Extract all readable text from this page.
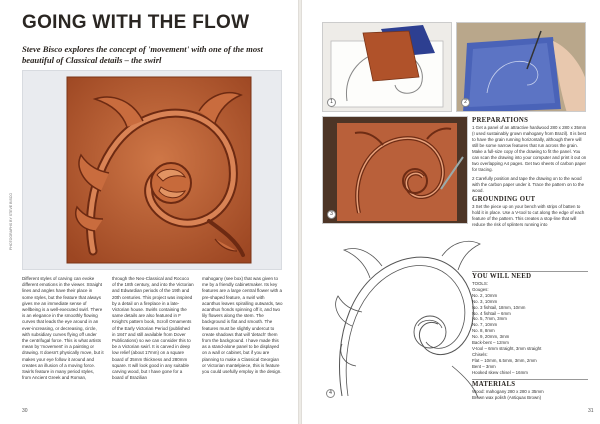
GOING WITH THE FLOW
Steve Bisco explores the concept of 'movement' with one of the most beautiful of Classical details – the swirl
PHOTOGRAPHS BY STEVE BISCO
Different styles of carving can evoke different emotions in the viewer. Straight lines and angles have their place in some styles, but the feature that always gives me an immediate sense of wellbeing is a well-executed swirl. There is an elegance in the smoothly flowing curves that leads the eye around in an ever-increasing, or decreasing, circle, with subsidiary curves flying off under the centrifugal force. This is what artists mean by 'movement' in a painting or drawing. It doesn't physically move, but it makes your eye follow it around and creates an illusion of a moving force. Swirls feature in many period styles, from Ancient Greek and Roman,
through the Neo-Classical and Rococo of the 18th century, and into the Victorian and Edwardian periods of the 19th and 20th centuries. This project was inspired by a detail on a fireplace in a late-Victorian house. Swirls containing the same details are also featured in F Knight's pattern book, Scroll Ornaments of the Early Victorian Period (published in 1847 and still available from Dover Publications) so we can consider this to be a Victorian swirl. It is carved in deep low relief (about 17mm) on a square board of 35mm thickness and 280mm square. It will look good in any suitable carving wood, but I have gone for a board of Brazilian
mahogany (see box) that was given to me by a friendly cabinetmaker. Its key features are a large central flower with a pre-shaped feature, a swirl with acanthus leaves spiralling outwards, two acanthus fronds spinning off it, and two lily flowers along the stem. The background is flat and smooth. The features must be slightly undercut to create shadows that will 'detach' them from the background. I have made this as a stand-alone panel to be displayed on a wall or cabinet, but if you are planning to make a Classical Georgian or Victorian mantelpiece, this is feature you could usefully employ in the design.
30
1	2
3
4
PREPARATIONS

1 Get a panel of an attractive hardwood 280 x 280 x 35mm (I used sustainably grown mahogany from Brazil). It is best to have the grain running horizontally, although there will still be some narrow features that run across the grain. Make a full-size copy of the drawing to fit the panel. You can scan the drawing into your computer and print it out on two overlapping A4 pages. Get two sheets of carbon paper for tracing.

2 Carefully position and tape the drawing on to the wood with the carbon paper under it. Trace the pattern on to the wood.

GROUNDING OUT

3 Set the piece up on your bench with strips of batten to hold it in place. Use a V-tool to cut along the edge of each feature of the pattern. This creates a stop-line that will reduce the risk of splinters running into

YOU WILL NEED
TOOLS:
Gouges:
No. 2, 10mm
No. 3, 10mm
No. 3 fishtail, 18mm, 10mm
No. 4 fishtail – 6mm
No. 5, 7mm, 3mm
No. 7, 10mm
No. 8, 8mm
No. 9, 20mm, 3mm
Back-bent – 12mm
V-tool – 6mm straight, 3mm straight
Chisels:
Flat – 10mm, 6.5mm, 3mm, 2mm
Bent – 3mm
Hooked skew chisel – 16mm
MATERIALS
Wood: mahogany 280 x 280 x 35mm
Brown wax polish (Antiquax Brown)
31
